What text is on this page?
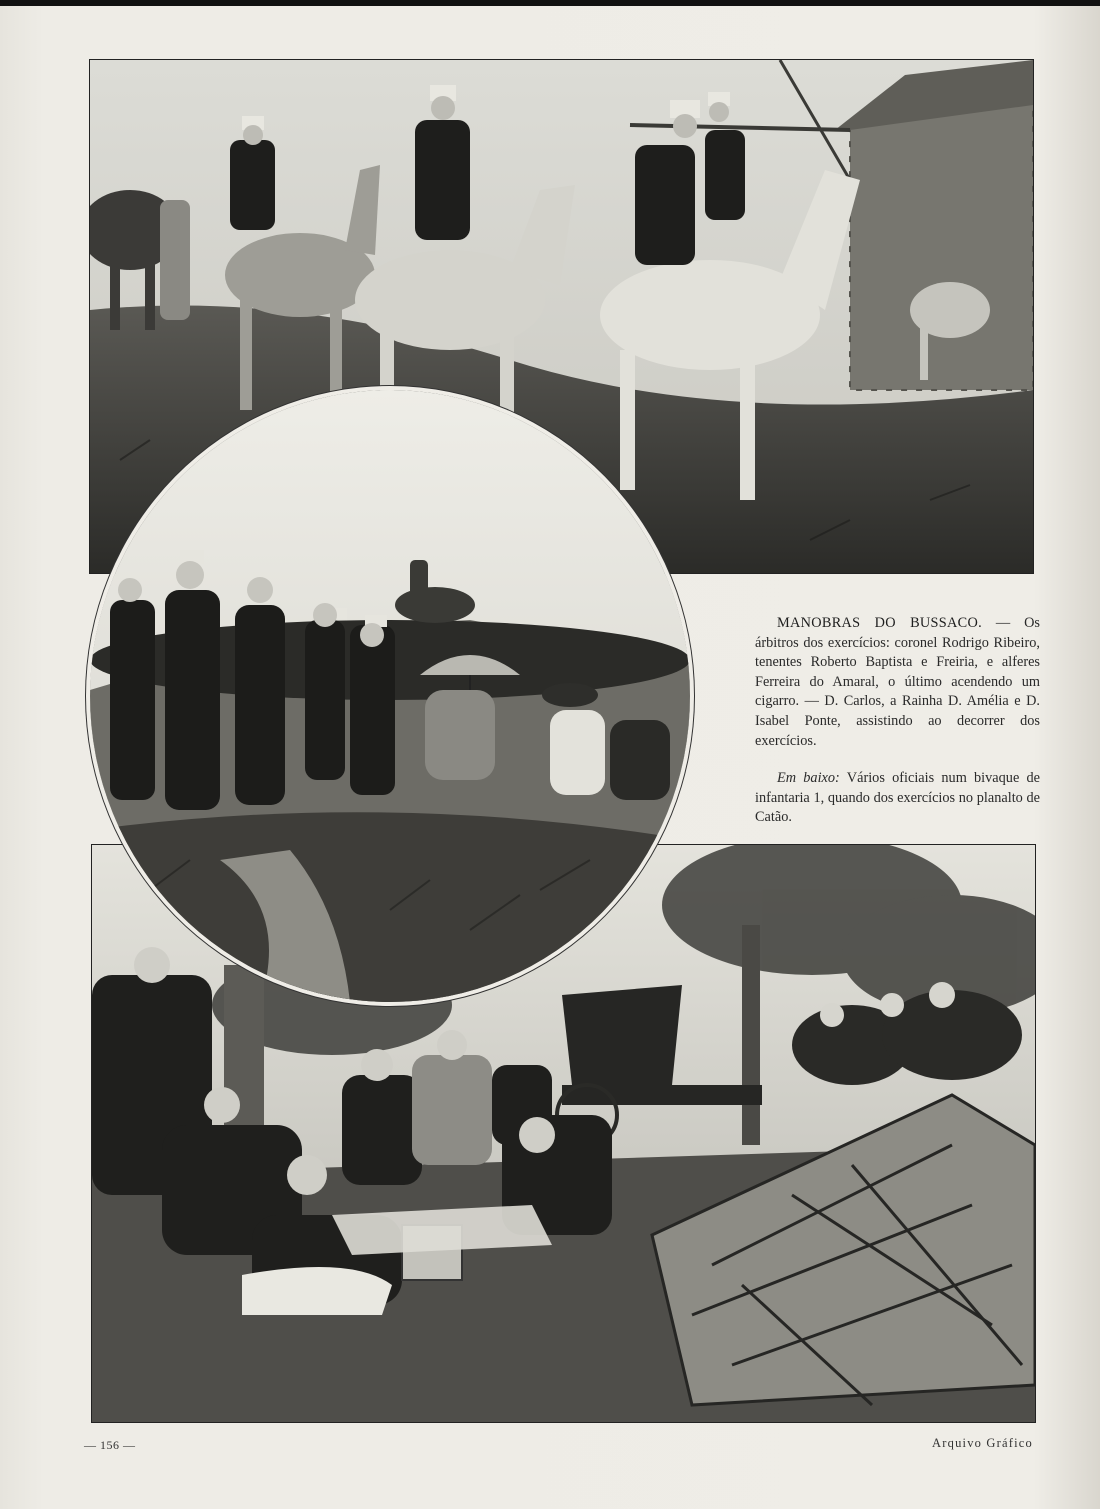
MANOBRAS DO BUSSACO. — Os árbitros dos exercícios: coronel Rodrigo Ribeiro, tenentes Roberto Baptista e Freiria, e alferes Ferreira do Amaral, o último acendendo um cigarro. — D. Carlos, a Rainha D. Amélia e D. Isabel Ponte, assistindo ao decorrer dos exercícios.

Em baixo: Vários oficiais num bivaque de infantaria 1, quando dos exercícios no planalto de Catão.

— 156 —	Arquivo Gráfico
